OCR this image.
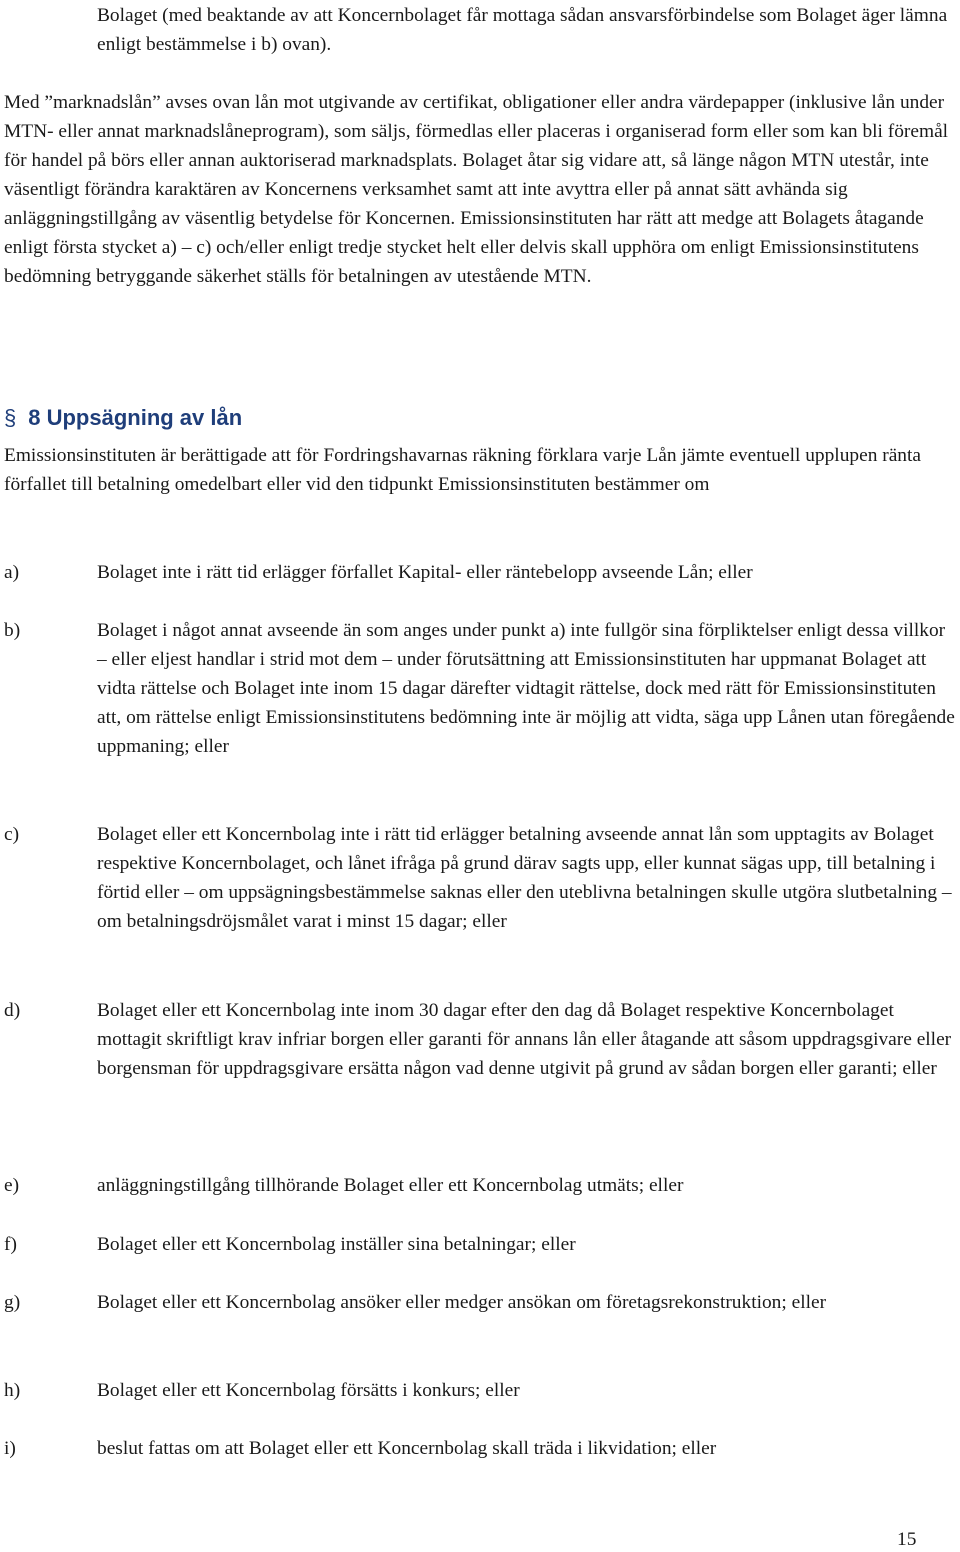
Bolaget (med beaktande av att Koncernbolaget får mottaga sådan ansvarsförbindelse som Bolaget äger lämna enligt bestämmelse i b) ovan).

Med ”marknadslån” avses ovan lån mot utgivande av certifikat, obligationer eller andra värdepapper (inklusive lån under MTN- eller annat marknadslåneprogram), som säljs, förmedlas eller placeras i organiserad form eller som kan bli föremål för handel på börs eller annan auktoriserad marknadsplats. Bolaget åtar sig vidare att, så länge någon MTN utestår, inte väsentligt förändra karaktären av Koncernens verksamhet samt att inte avyttra eller på annat sätt avhända sig anläggningstillgång av väsentlig betydelse för Koncernen. Emissionsinstituten har rätt att medge att Bolagets åtagande enligt första stycket a) – c) och/eller enligt tredje stycket helt eller delvis skall upphöra om enligt Emissionsinstitutens bedömning betryggande säkerhet ställs för betalningen av utestående MTN.

§ 8 Uppsägning av lån

Emissionsinstituten är berättigade att för Fordringshavarnas räkning förklara varje Lån jämte eventuell upplupen ränta förfallet till betalning omedelbart eller vid den tidpunkt Emissionsinstituten bestämmer om

a)	Bolaget inte i rätt tid erlägger förfallet Kapital- eller räntebelopp avseende Lån; eller
b)	Bolaget i något annat avseende än som anges under punkt a) inte fullgör sina förpliktelser enligt dessa villkor – eller eljest handlar i strid mot dem – under förutsättning att Emissionsinstituten har uppmanat Bolaget att vidta rättelse och Bolaget inte inom 15 dagar därefter vidtagit rättelse, dock med rätt för Emissionsinstituten att, om rättelse enligt Emissionsinstitutens bedömning inte är möjlig att vidta, säga upp Lånen utan föregående uppmaning; eller
c)	Bolaget eller ett Koncernbolag inte i rätt tid erlägger betalning avseende annat lån som upptagits av Bolaget respektive Koncernbolaget, och lånet ifråga på grund därav sagts upp, eller kunnat sägas upp, till betalning i förtid eller – om uppsägningsbestämmelse saknas eller den uteblivna betalningen skulle utgöra slutbetalning – om betalningsdröjsmålet varat i minst 15 dagar; eller
d)	Bolaget eller ett Koncernbolag inte inom 30 dagar efter den dag då Bolaget respektive Koncernbolaget mottagit skriftligt krav infriar borgen eller garanti för annans lån eller åtagande att såsom uppdragsgivare eller borgensman för uppdragsgivare ersätta någon vad denne utgivit på grund av sådan borgen eller garanti; eller
e)	anläggningstillgång tillhörande Bolaget eller ett Koncernbolag utmäts; eller
f)	Bolaget eller ett Koncernbolag inställer sina betalningar; eller
g)	Bolaget eller ett Koncernbolag ansöker eller medger ansökan om företagsrekonstruktion; eller
h)	Bolaget eller ett Koncernbolag försätts i konkurs; eller
i)	beslut fattas om att Bolaget eller ett Koncernbolag skall träda i likvidation; eller
15
